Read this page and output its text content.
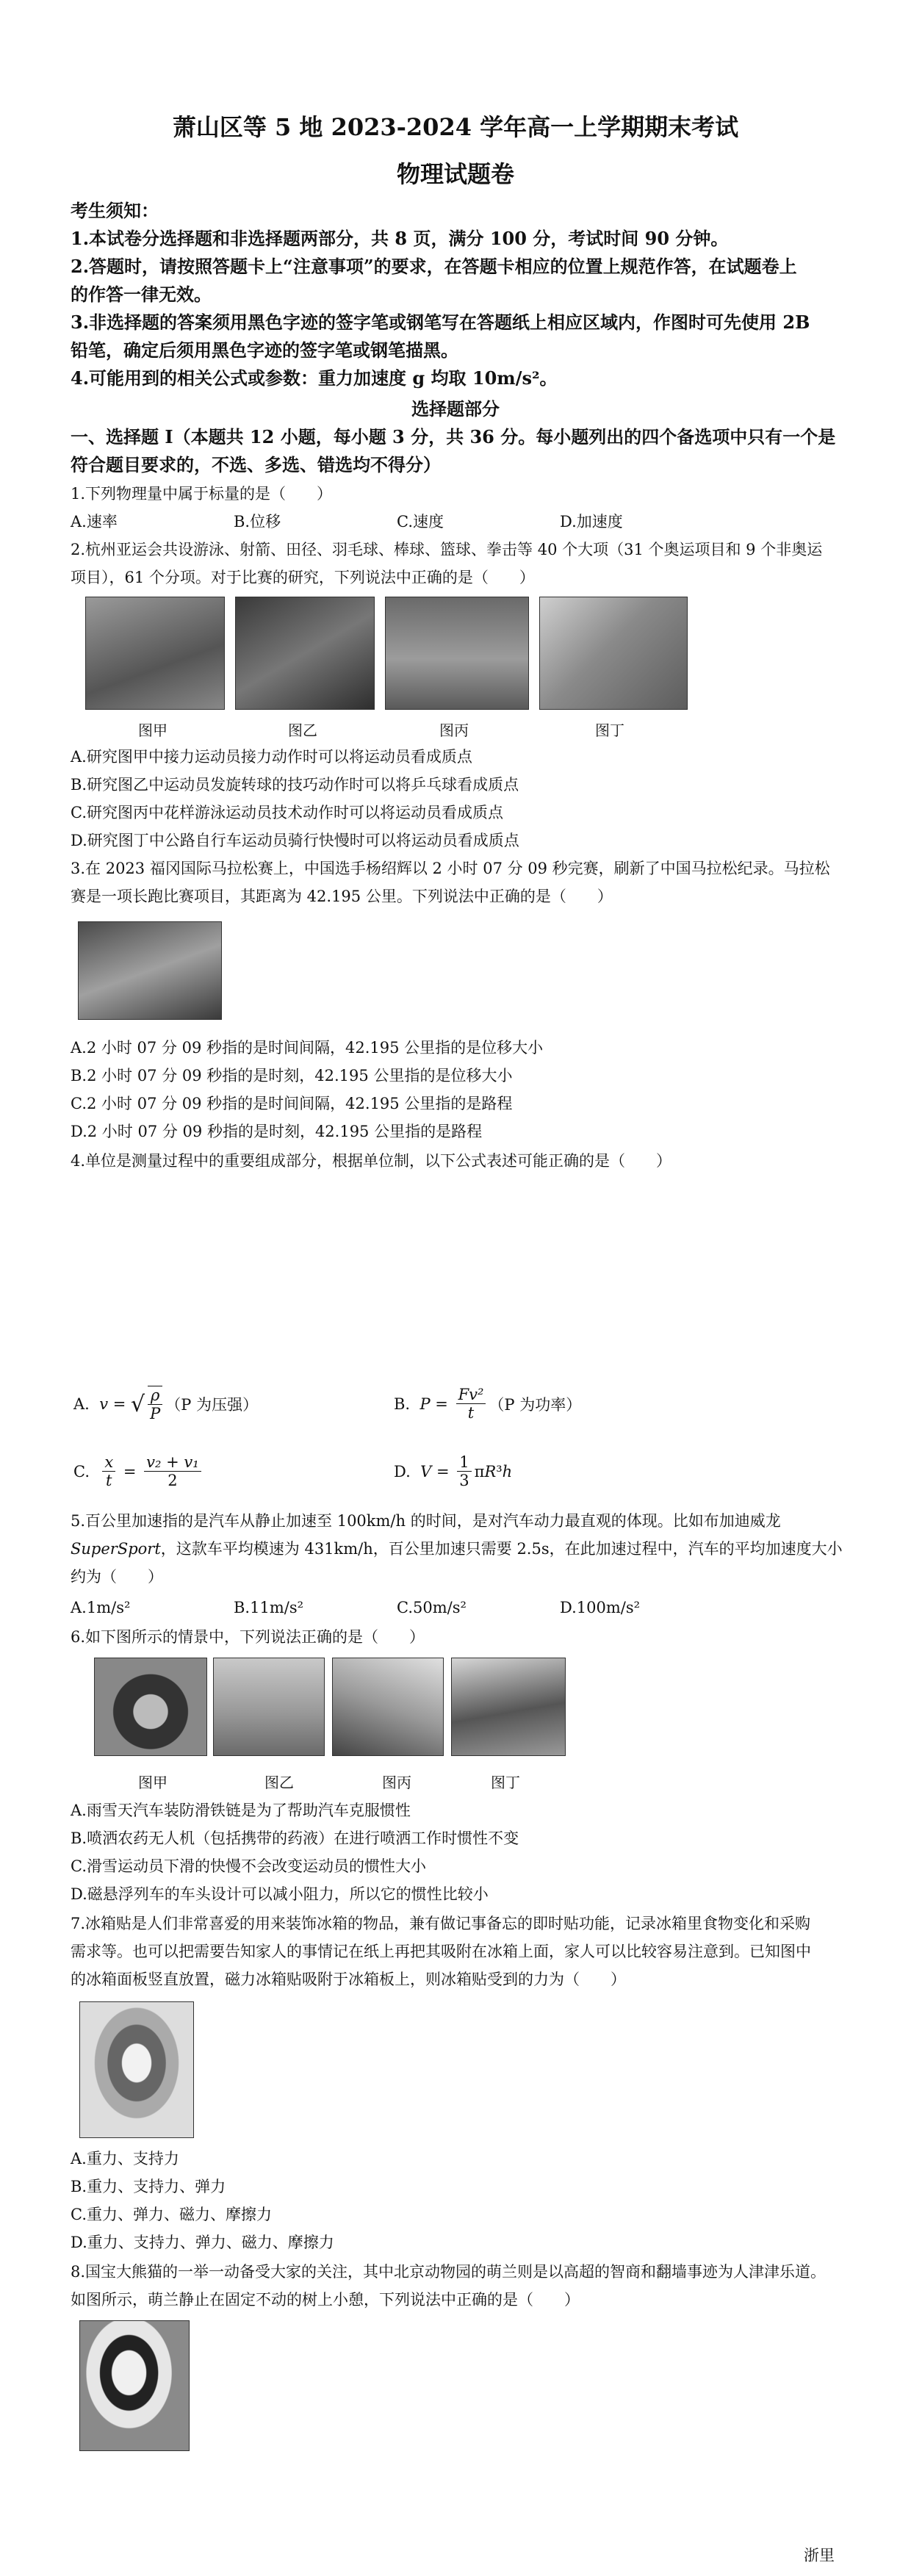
萧山区等 5 地 2023-2024 学年高一上学期期末考试
物理试题卷
考生须知：
1.本试卷分选择题和非选择题两部分，共 8 页，满分 100 分，考试时间 90 分钟。
2.答题时，请按照答题卡上“注意事项”的要求，在答题卡相应的位置上规范作答，在试题卷上
的作答一律无效。
3.非选择题的答案须用黑色字迹的签字笔或钢笔写在答题纸上相应区域内，作图时可先使用 2B
铅笔，确定后须用黑色字迹的签字笔或钢笔描黑。
4.可能用到的相关公式或参数：重力加速度 g 均取 10m/s²。
选择题部分
一、选择题 I（本题共 12 小题，每小题 3 分，共 36 分。每小题列出的四个备选项中只有一个是
符合题目要求的，不选、多选、错选均不得分）
1.下列物理量中属于标量的是（　　）
A.速率	B.位移	C.速度	D.加速度
2.杭州亚运会共设游泳、射箭、田径、羽毛球、棒球、篮球、拳击等 40 个大项（31 个奥运项目和 9 个非奥运
项目），61 个分项。对于比赛的研究，下列说法中正确的是（　　）
图甲	图乙	图丙	图丁
A.研究图甲中接力运动员接力动作时可以将运动员看成质点
B.研究图乙中运动员发旋转球的技巧动作时可以将乒乓球看成质点
C.研究图丙中花样游泳运动员技术动作时可以将运动员看成质点
D.研究图丁中公路自行车运动员骑行快慢时可以将运动员看成质点
3.在 2023 福冈国际马拉松赛上，中国选手杨绍辉以 2 小时 07 分 09 秒完赛，刷新了中国马拉松纪录。马拉松
赛是一项长跑比赛项目，其距离为 42.195 公里。下列说法中正确的是（　　）
A.2 小时 07 分 09 秒指的是时间间隔，42.195 公里指的是位移大小
B.2 小时 07 分 09 秒指的是时刻，42.195 公里指的是位移大小
C.2 小时 07 分 09 秒指的是时间间隔，42.195 公里指的是路程
D.2 小时 07 分 09 秒指的是时刻，42.195 公里指的是路程
4.单位是测量过程中的重要组成部分，根据单位制，以下公式表述可能正确的是（　　）
A. v = √ $\frac{\rho}{P} (P$ 为压强）	B. $P = \frac{\text{Fv²}}{t} (P$ 为功率）
C. $\frac{x}{t} = \frac{\text{v₂ + v₁}}{2}$	D. $V = \frac{1}{3}$ π R ³ h
5.百公里加速指的是汽车从静止加速至 100km/h 的时间，是对汽车动力最直观的体现。比如布加迪威龙
SuperSport，这款车平均模速为 431km/h，百公里加速只需要 2.5s，在此加速过程中，汽车的平均加速度大小
约为（　　）
A.1m/s²	B.11m/s²	C.50m/s²	D.100m/s²
6.如下图所示的情景中，下列说法正确的是（　　）
图甲	图乙	图丙	图丁
A.雨雪天汽车装防滑铁链是为了帮助汽车克服惯性
B.喷洒农药无人机（包括携带的药液）在进行喷洒工作时惯性不变
C.滑雪运动员下滑的快慢不会改变运动员的惯性大小
D.磁悬浮列车的车头设计可以减小阻力，所以它的惯性比较小
7.冰箱贴是人们非常喜爱的用来装饰冰箱的物品，兼有做记事备忘的即时贴功能，记录冰箱里食物变化和采购
需求等。也可以把需要告知家人的事情记在纸上再把其吸附在冰箱上面，家人可以比较容易注意到。已知图中
的冰箱面板竖直放置，磁力冰箱贴吸附于冰箱板上，则冰箱贴受到的力为（　　）
A.重力、支持力
B.重力、支持力、弹力
C.重力、弹力、磁力、摩擦力
D.重力、支持力、弹力、磁力、摩擦力
8.国宝大熊猫的一举一动备受大家的关注，其中北京动物园的萌兰则是以高超的智商和翻墙事迹为人津津乐道。
如图所示，萌兰静止在固定不动的树上小憩，下列说法中正确的是（　　）
浙里
